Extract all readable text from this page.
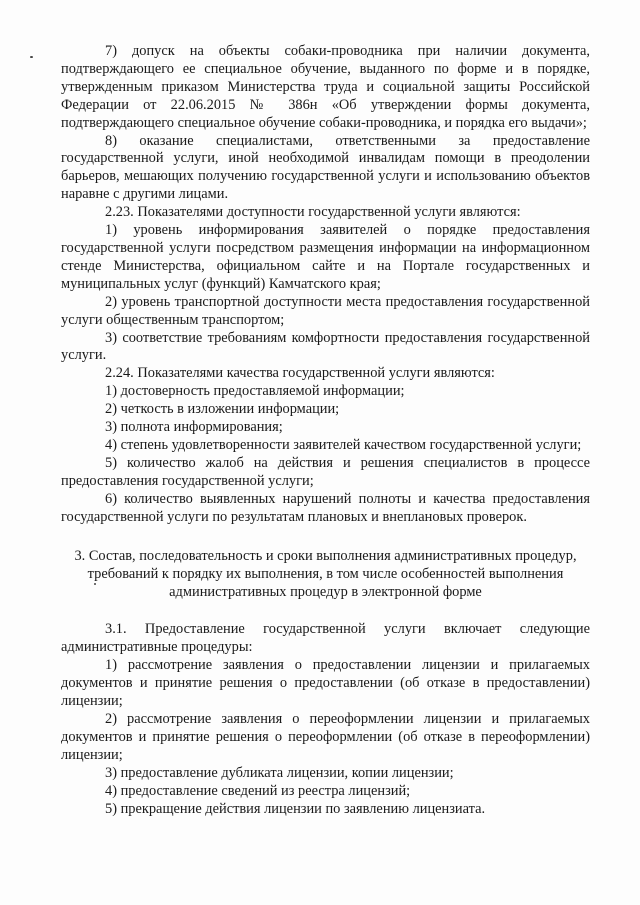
7) допуск на объекты собаки-проводника при наличии документа, подтверждающего ее специальное обучение, выданного по форме и в порядке, утвержденным приказом Министерства труда и социальной защиты Российской Федерации от 22.06.2015 № 386н «Об утверждении формы документа, подтверждающего специальное обучение собаки-проводника, и порядка его выдачи»;

8) оказание специалистами, ответственными за предоставление государственной услуги, иной необходимой инвалидам помощи в преодолении барьеров, мешающих получению государственной услуги и использованию объектов наравне с другими лицами.

2.23. Показателями доступности государственной услуги являются:

1) уровень информирования заявителей о порядке предоставления государственной услуги посредством размещения информации на информационном стенде Министерства, официальном сайте и на Портале государственных и муниципальных услуг (функций) Камчатского края;

2) уровень транспортной доступности места предоставления государственной услуги общественным транспортом;

3) соответствие требованиям комфортности предоставления государственной услуги.

2.24. Показателями качества государственной услуги являются:

1) достоверность предоставляемой информации;

2) четкость в изложении информации;

3) полнота информирования;

4) степень удовлетворенности заявителей качеством государственной услуги;

5) количество жалоб на действия и решения специалистов в процессе предоставления государственной услуги;

6) количество выявленных нарушений полноты и качества предоставления государственной услуги по результатам плановых и внеплановых проверок.

3. Состав, последовательность и сроки выполнения административных процедур, требований к порядку их выполнения, в том числе особенностей выполнения административных процедур в электронной форме

3.1. Предоставление государственной услуги включает следующие административные процедуры:

1) рассмотрение заявления о предоставлении лицензии и прилагаемых документов и принятие решения о предоставлении (об отказе в предоставлении) лицензии;

2) рассмотрение заявления о переоформлении лицензии и прилагаемых документов и принятие решения о переоформлении (об отказе в переоформлении) лицензии;

3) предоставление дубликата лицензии, копии лицензии;

4) предоставление сведений из реестра лицензий;

5) прекращение действия лицензии по заявлению лицензиата.
